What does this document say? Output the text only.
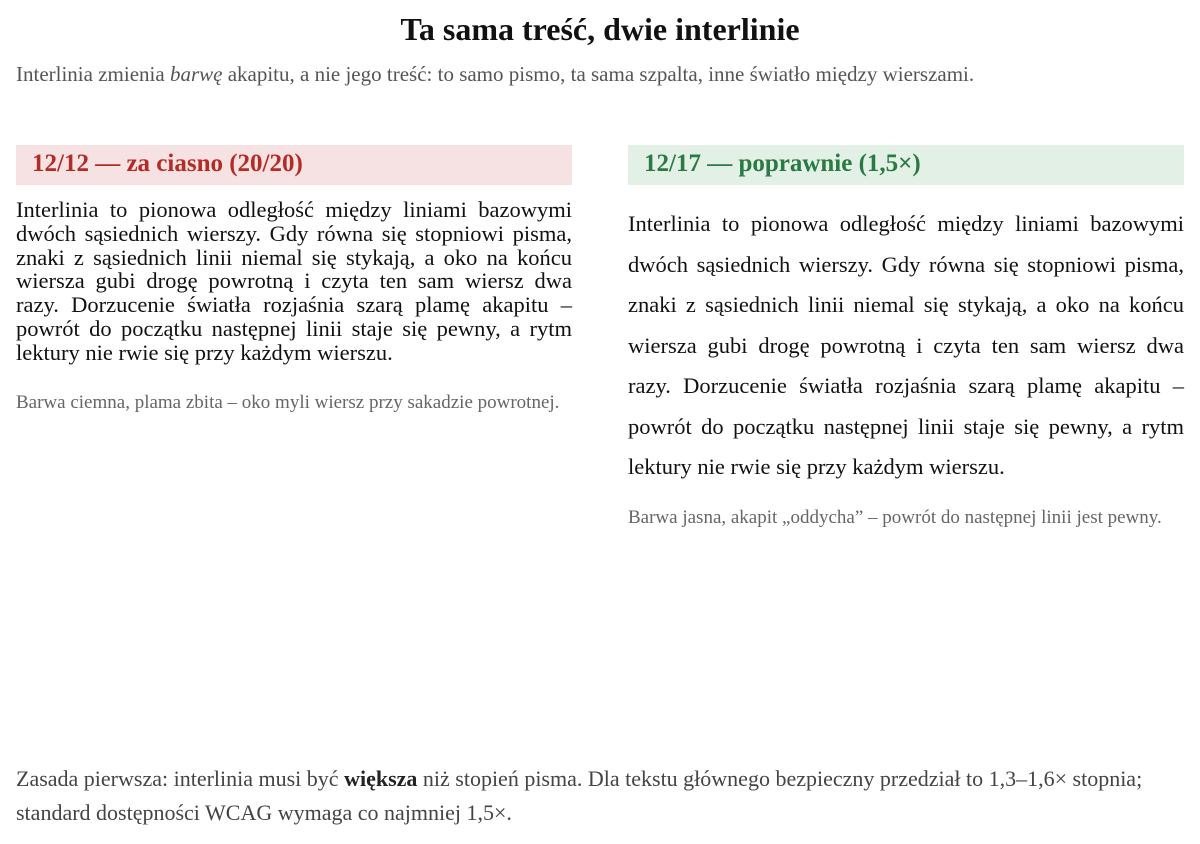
Ta sama treść, dwie interlinie
Interlinia zmienia barwę akapitu, a nie jego treść: to samo pismo, ta sama szpalta, inne światło między wierszami.
12/12 — za ciasno (20/20)

Interlinia to pionowa odległość między liniami bazowymi dwóch sąsiednich wierszy. Gdy równa się stopniowi pisma, znaki z sąsiednich linii niemal się stykają, a oko na końcu wiersza gubi drogę powrotną i czyta ten sam wiersz dwa razy. Dorzucenie światła rozjaśnia szarą plamę akapitu – powrót do początku następnej linii staje się pewny, a rytm lektury nie rwie się przy każdym wierszu.

Barwa ciemna, plama zbita – oko myli wiersz przy sakadzie powrotnej.

12/17 — poprawnie (1,5×)

Interlinia to pionowa odległość między liniami bazowymi dwóch sąsiednich wierszy. Gdy równa się stopniowi pisma, znaki z sąsiednich linii niemal się stykają, a oko na końcu wiersza gubi drogę powrotną i czyta ten sam wiersz dwa razy. Dorzucenie światła rozjaśnia szarą plamę akapitu – powrót do początku następnej linii staje się pewny, a rytm lektury nie rwie się przy każdym wierszu.

Barwa jasna, akapit „oddycha” – powrót do następnej linii jest pewny.

Zasada pierwsza: interlinia musi być większa niż stopień pisma. Dla tekstu głównego bezpieczny przedział to 1,3–1,6× stopnia; standard dostępności WCAG wymaga co najmniej 1,5×.
